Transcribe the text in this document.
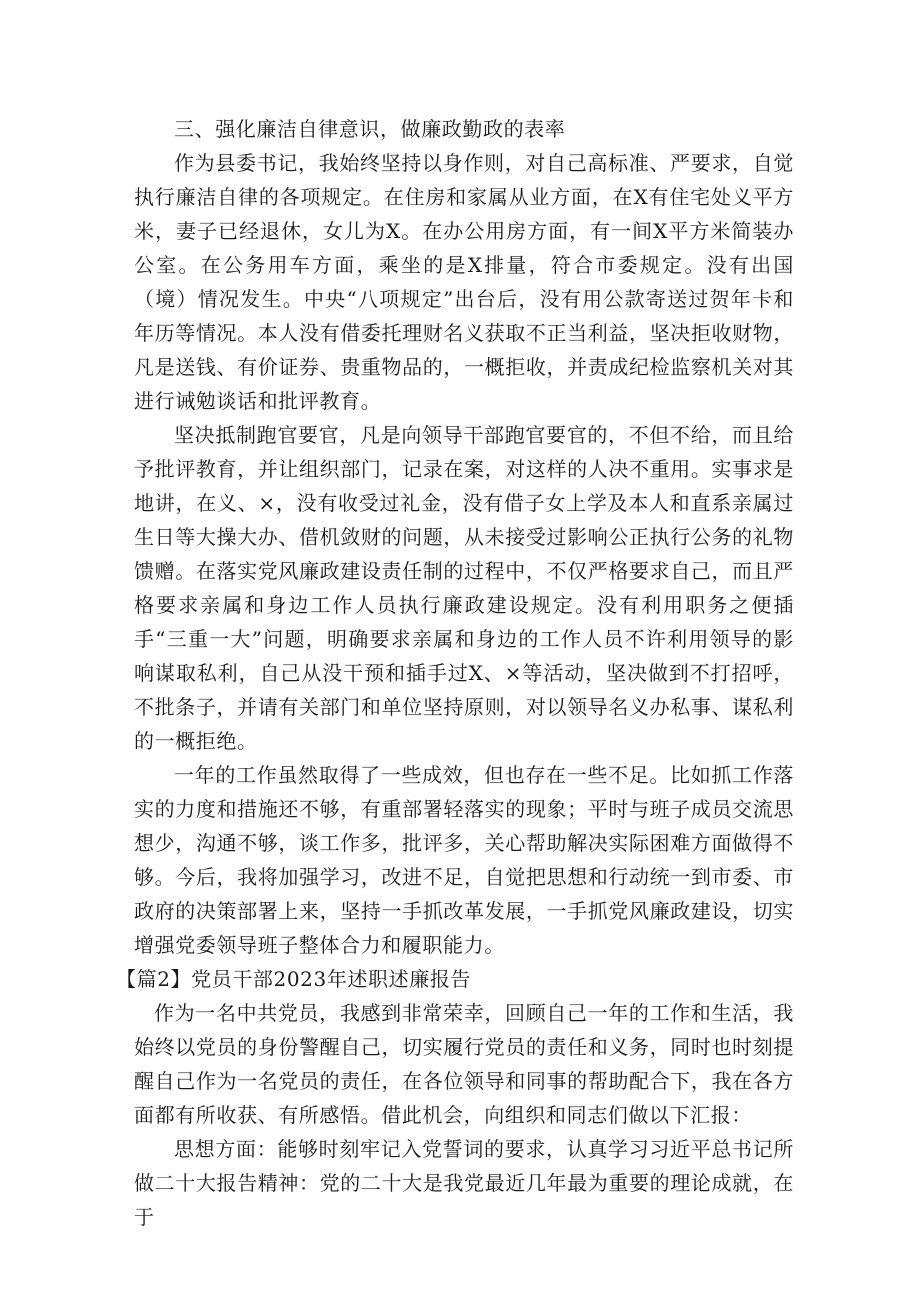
三、强化廉洁自律意识，做廉政勤政的表率

作为县委书记，我始终坚持以身作则，对自己高标准、严要求，自觉执行廉洁自律的各项规定。在住房和家属从业方面，在X有住宅处义平方米，妻子已经退休，女儿为X。在办公用房方面，有一间X平方米简装办公室。在公务用车方面，乘坐的是X排量，符合市委规定。没有出国（境）情况发生。中央“八项规定”出台后，没有用公款寄送过贺年卡和年历等情况。本人没有借委托理财名义获取不正当利益，坚决拒收财物，凡是送钱、有价证券、贵重物品的，一概拒收，并责成纪检监察机关对其进行诫勉谈话和批评教育。

坚决抵制跑官要官，凡是向领导干部跑官要官的，不但不给，而且给予批评教育，并让组织部门，记录在案，对这样的人决不重用。实事求是地讲，在义、×，没有收受过礼金，没有借子女上学及本人和直系亲属过生日等大操大办、借机敛财的问题，从未接受过影响公正执行公务的礼物馈赠。在落实党风廉政建设责任制的过程中，不仅严格要求自己，而且严格要求亲属和身边工作人员执行廉政建设规定。没有利用职务之便插手“三重一大”问题，明确要求亲属和身边的工作人员不许利用领导的影响谋取私利，自己从没干预和插手过X、×等活动，坚决做到不打招呼，不批条子，并请有关部门和单位坚持原则，对以领导名义办私事、谋私利的一概拒绝。

一年的工作虽然取得了一些成效，但也存在一些不足。比如抓工作落实的力度和措施还不够，有重部署轻落实的现象；平时与班子成员交流思想少，沟通不够，谈工作多，批评多，关心帮助解决实际困难方面做得不够。今后，我将加强学习，改进不足，自觉把思想和行动统一到市委、市政府的决策部署上来，坚持一手抓改革发展，一手抓党风廉政建设，切实增强党委领导班子整体合力和履职能力。

【篇2】党员干部2023年述职述廉报告

作为一名中共党员，我感到非常荣幸，回顾自己一年的工作和生活，我始终以党员的身份警醒自己，切实履行党员的责任和义务，同时也时刻提醒自己作为一名党员的责任，在各位领导和同事的帮助配合下，我在各方面都有所收获、有所感悟。借此机会，向组织和同志们做以下汇报：

思想方面：能够时刻牢记入党誓词的要求，认真学习习近平总书记所做二十大报告精神：党的二十大是我党最近几年最为重要的理论成就，在于
